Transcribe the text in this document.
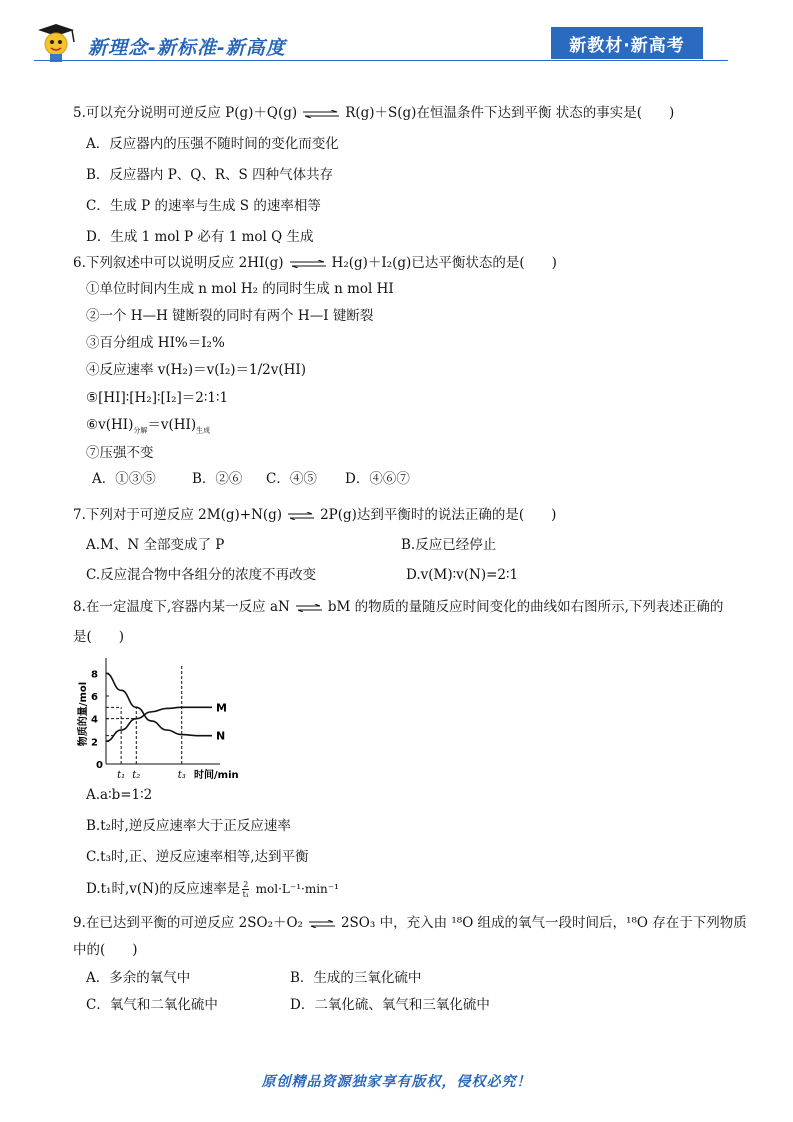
新理念-新标准-新高度	新教材·新高考
5.可以充分说明可逆反应 P(g)＋Q(g) ⇌ R(g)＋S(g)在恒温条件下达到平衡 状态的事实是(　　)
A．反应器内的压强不随时间的变化而变化
B．反应器内 P、Q、R、S 四种气体共存
C．生成 P 的速率与生成 S 的速率相等
D．生成 1 mol P 必有 1 mol Q 生成
6.下列叙述中可以说明反应 2HI(g) ⇌ H₂(g)＋I₂(g)已达平衡状态的是(　　)
①单位时间内生成 n mol H₂ 的同时生成 n mol HI
②一个 H—H 键断裂的同时有两个 H—I 键断裂
③百分组成 HI%＝I₂%
④反应速率 v(H₂)＝v(I₂)＝1/2v(HI)
⑤[HI]∶[H₂]∶[I₂]＝2∶1∶1
$⑥v(HI)_{分解}=v(HI)_{生成}$
⑦压强不变
A．①③⑤	B．②⑥ C．④⑤ D．④⑥⑦
7.下列对于可逆反应 2M(g)+N(g) ⇌ 2P(g)达到平衡时的说法正确的是(　　)
A.M、N 全部变成了 P	B.反应已经停止
C.反应混合物中各组分的浓度不再改变	D.v(M)∶v(N)=2∶1
8.在一定温度下,容器内某一反应 aN ⇌ bM 的物质的量随反应时间变化的曲线如右图所示,下列表述正确的
是(　　)
物质的量/mol
0
2
4
6
8
t₁ t₂	t₃ 时间/min
M
N
A.a∶b=1∶2
B.t₂时,逆反应速率大于正反应速率
C.t₃时,正、逆反应速率相等,达到平衡
D.t₁时,v(N)的反应速率是 $\frac{2}{\text{t₁}} mol\cdot L^{-1}\cdot\min^{-1}$
9.在已达到平衡的可逆反应 2SO₂＋O₂ ⇌ 2SO₃ 中，充入由 ¹⁸O 组成的氧气一段时间后，¹⁸O 存在于下列物质
中的(　　)
A．多余的氧气中	B．生成的三氧化硫中
C．氧气和二氧化硫中	D．二氧化硫、氧气和三氧化硫中
原创精品资源独家享有版权，侵权必究！
